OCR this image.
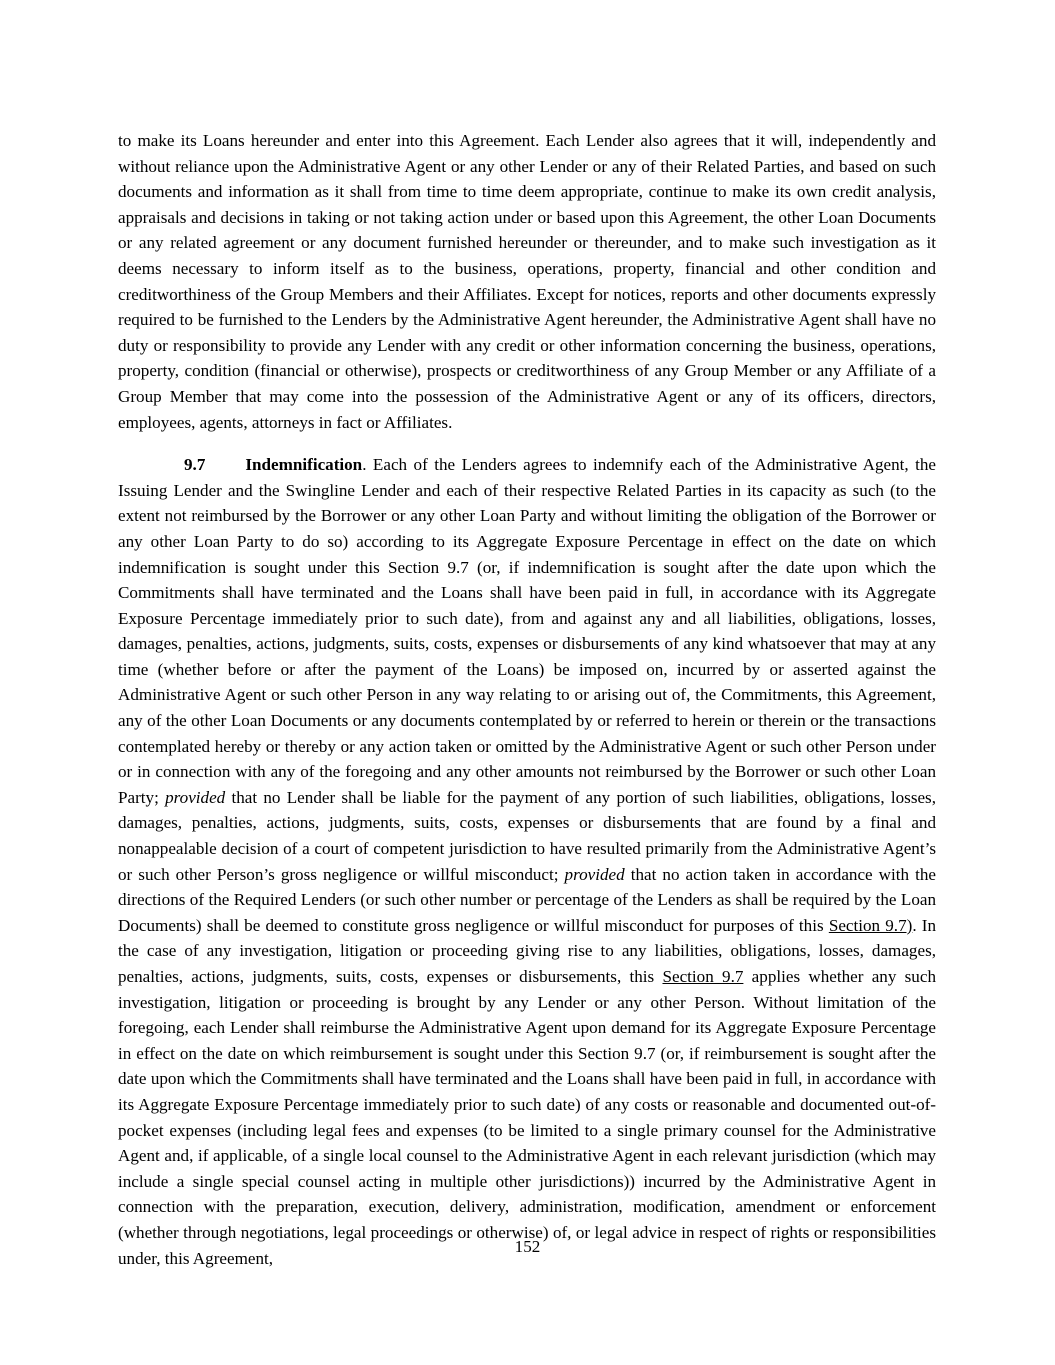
to make its Loans hereunder and enter into this Agreement. Each Lender also agrees that it will, independently and without reliance upon the Administrative Agent or any other Lender or any of their Related Parties, and based on such documents and information as it shall from time to time deem appropriate, continue to make its own credit analysis, appraisals and decisions in taking or not taking action under or based upon this Agreement, the other Loan Documents or any related agreement or any document furnished hereunder or thereunder, and to make such investigation as it deems necessary to inform itself as to the business, operations, property, financial and other condition and creditworthiness of the Group Members and their Affiliates. Except for notices, reports and other documents expressly required to be furnished to the Lenders by the Administrative Agent hereunder, the Administrative Agent shall have no duty or responsibility to provide any Lender with any credit or other information concerning the business, operations, property, condition (financial or otherwise), prospects or creditworthiness of any Group Member or any Affiliate of a Group Member that may come into the possession of the Administrative Agent or any of its officers, directors, employees, agents, attorneys in fact or Affiliates.

9.7 Indemnification. Each of the Lenders agrees to indemnify each of the Administrative Agent, the Issuing Lender and the Swingline Lender and each of their respective Related Parties in its capacity as such (to the extent not reimbursed by the Borrower or any other Loan Party and without limiting the obligation of the Borrower or any other Loan Party to do so) according to its Aggregate Exposure Percentage in effect on the date on which indemnification is sought under this Section 9.7 (or, if indemnification is sought after the date upon which the Commitments shall have terminated and the Loans shall have been paid in full, in accordance with its Aggregate Exposure Percentage immediately prior to such date), from and against any and all liabilities, obligations, losses, damages, penalties, actions, judgments, suits, costs, expenses or disbursements of any kind whatsoever that may at any time (whether before or after the payment of the Loans) be imposed on, incurred by or asserted against the Administrative Agent or such other Person in any way relating to or arising out of, the Commitments, this Agreement, any of the other Loan Documents or any documents contemplated by or referred to herein or therein or the transactions contemplated hereby or thereby or any action taken or omitted by the Administrative Agent or such other Person under or in connection with any of the foregoing and any other amounts not reimbursed by the Borrower or such other Loan Party; provided that no Lender shall be liable for the payment of any portion of such liabilities, obligations, losses, damages, penalties, actions, judgments, suits, costs, expenses or disbursements that are found by a final and nonappealable decision of a court of competent jurisdiction to have resulted primarily from the Administrative Agent’s or such other Person’s gross negligence or willful misconduct; provided that no action taken in accordance with the directions of the Required Lenders (or such other number or percentage of the Lenders as shall be required by the Loan Documents) shall be deemed to constitute gross negligence or willful misconduct for purposes of this Section 9.7). In the case of any investigation, litigation or proceeding giving rise to any liabilities, obligations, losses, damages, penalties, actions, judgments, suits, costs, expenses or disbursements, this Section 9.7 applies whether any such investigation, litigation or proceeding is brought by any Lender or any other Person. Without limitation of the foregoing, each Lender shall reimburse the Administrative Agent upon demand for its Aggregate Exposure Percentage in effect on the date on which reimbursement is sought under this Section 9.7 (or, if reimbursement is sought after the date upon which the Commitments shall have terminated and the Loans shall have been paid in full, in accordance with its Aggregate Exposure Percentage immediately prior to such date) of any costs or reasonable and documented out-of-pocket expenses (including legal fees and expenses (to be limited to a single primary counsel for the Administrative Agent and, if applicable, of a single local counsel to the Administrative Agent in each relevant jurisdiction (which may include a single special counsel acting in multiple other jurisdictions)) incurred by the Administrative Agent in connection with the preparation, execution, delivery, administration, modification, amendment or enforcement (whether through negotiations, legal proceedings or otherwise) of, or legal advice in respect of rights or responsibilities under, this Agreement,

152
